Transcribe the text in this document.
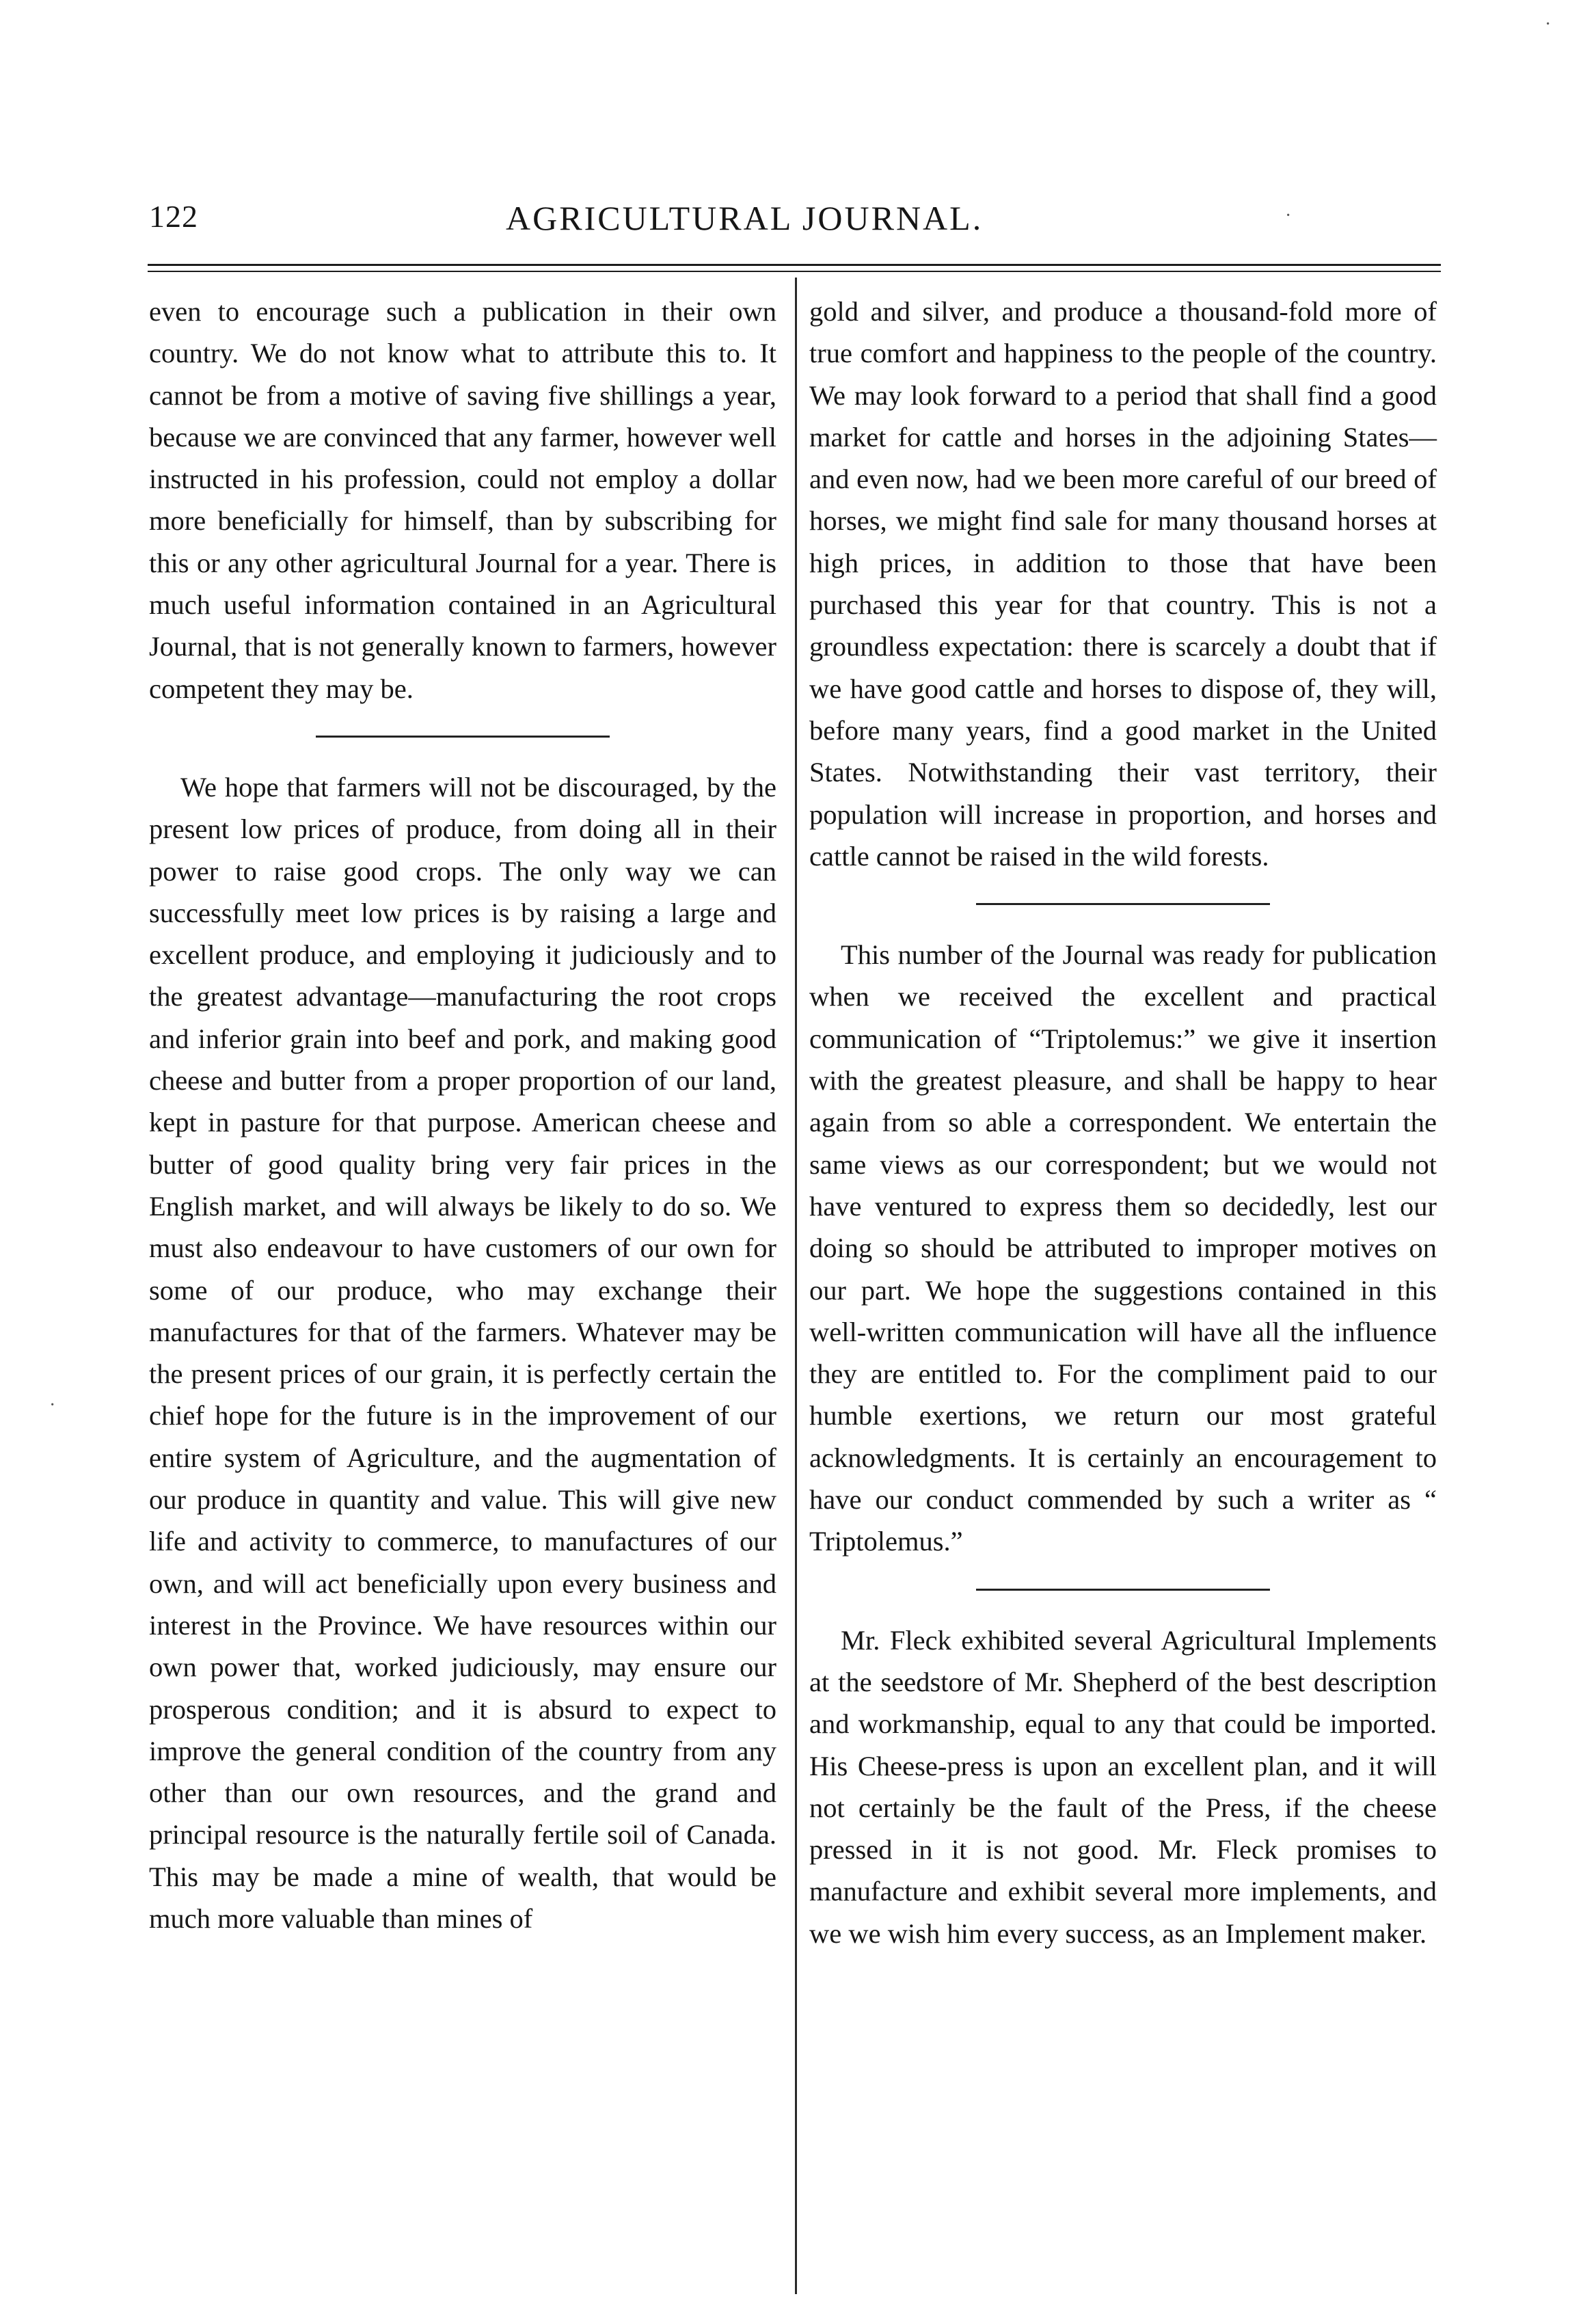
122	AGRICULTURAL JOURNAL.

even to encourage such a publication in their own country. We do not know what to attribute this to. It cannot be from a motive of saving five shillings a year, because we are convinced that any farmer, however well instructed in his profession, could not employ a dollar more beneficially for himself, than by subscribing for this or any other agricultural Journal for a year. There is much useful information contained in an Agricultural Journal, that is not generally known to farmers, however competent they may be.

We hope that farmers will not be discouraged, by the present low prices of produce, from doing all in their power to raise good crops. The only way we can successfully meet low prices is by raising a large and excellent produce, and employing it judiciously and to the greatest advantage—manufacturing the root crops and inferior grain into beef and pork, and making good cheese and butter from a proper proportion of our land, kept in pasture for that purpose. American cheese and butter of good quality bring very fair prices in the English market, and will always be likely to do so. We must also endeavour to have customers of our own for some of our produce, who may exchange their manufactures for that of the farmers. Whatever may be the present prices of our grain, it is perfectly certain the chief hope for the future is in the improvement of our entire system of Agriculture, and the augmentation of our produce in quantity and value. This will give new life and activity to commerce, to manufactures of our own, and will act beneficially upon every business and interest in the Province. We have resources within our own power that, worked judiciously, may ensure our prosperous condition; and it is absurd to expect to improve the general condition of the country from any other than our own resources, and the grand and principal resource is the naturally fertile soil of Canada. This may be made a mine of wealth, that would be much more valuable than mines of

gold and silver, and produce a thousand-fold more of true comfort and happiness to the people of the country. We may look forward to a period that shall find a good market for cattle and horses in the adjoining States—and even now, had we been more careful of our breed of horses, we might find sale for many thousand horses at high prices, in addition to those that have been purchased this year for that country. This is not a groundless expectation: there is scarcely a doubt that if we have good cattle and horses to dispose of, they will, before many years, find a good market in the United States. Notwithstanding their vast territory, their population will increase in proportion, and horses and cattle cannot be raised in the wild forests.

This number of the Journal was ready for publication when we received the excellent and practical communication of “Triptolemus:” we give it insertion with the greatest pleasure, and shall be happy to hear again from so able a correspondent. We entertain the same views as our correspondent; but we would not have ventured to express them so decidedly, lest our doing so should be attributed to improper motives on our part. We hope the suggestions contained in this well-written communication will have all the influence they are entitled to. For the compliment paid to our humble exertions, we return our most grateful acknowledgments. It is certainly an encouragement to have our conduct commended by such a writer as “ Triptolemus.”

Mr. Fleck exhibited several Agricultural Implements at the seedstore of Mr. Shepherd of the best description and workmanship, equal to any that could be imported. His Cheese-press is upon an excellent plan, and it will not certainly be the fault of the Press, if the cheese pressed in it is not good. Mr. Fleck promises to manufacture and exhibit several more implements, and we we wish him every success, as an Implement maker.

·
·
·
